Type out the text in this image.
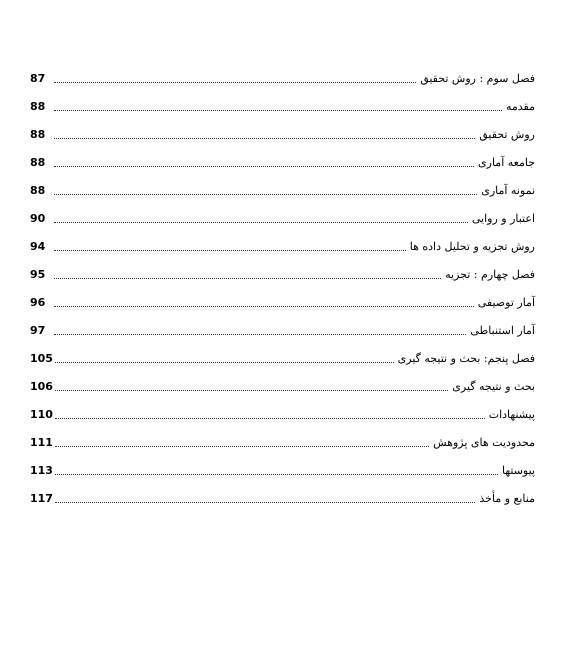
فصل سوم : روش تحقیق
87
مقدمه
88
روش تحقیق
88
جامعه آماری
88
نمونه آماری
88
اعتبار و روایی
90
روش تجزیه و تحلیل داده ها
94
فصل چهارم : تجزیه
95
آمار توصیفی
96
آمار استنباطی
97
فصل پنجم: بحث و نتیجه گیری
105
بحث و نتیجه گیری
106
پیشنهادات
110
محدودیت های پژوهش
111
پیوستها
113
منابع و مأخذ
117
